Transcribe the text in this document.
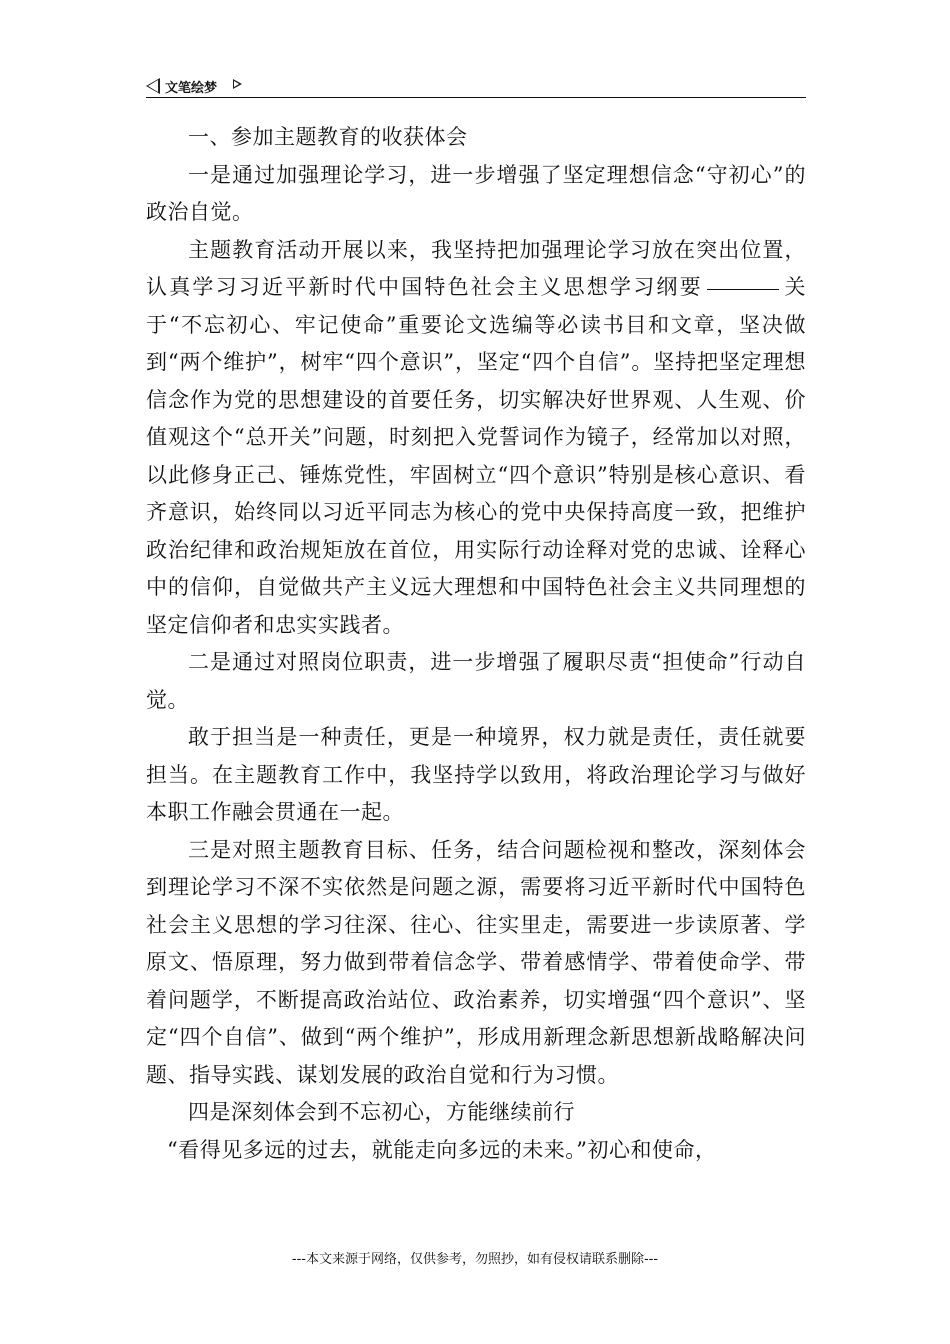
文笔绘梦

一、参加主题教育的收获体会

一是通过加强理论学习，进一步增强了坚定理想信念“守初心”的政治自觉。

主题教育活动开展以来，我坚持把加强理论学习放在突出位置，认真学习习近平新时代中国特色社会主义思想学习纲要	关于“不忘初心、牢记使命”重要论文选编等必读书目和文章，坚决做到“两个维护”，树牢“四个意识”，坚定“四个自信”。坚持把坚定理想信念作为党的思想建设的首要任务，切实解决好世界观、人生观、价值观这个“总开关”问题，时刻把入党誓词作为镜子，经常加以对照，以此修身正己、锤炼党性，牢固树立“四个意识”特别是核心意识、看齐意识，始终同以习近平同志为核心的党中央保持高度一致，把维护政治纪律和政治规矩放在首位，用实际行动诠释对党的忠诚、诠释心中的信仰，自觉做共产主义远大理想和中国特色社会主义共同理想的坚定信仰者和忠实实践者。

二是通过对照岗位职责，进一步增强了履职尽责“担使命”行动自觉。

敢于担当是一种责任，更是一种境界，权力就是责任，责任就要担当。在主题教育工作中，我坚持学以致用，将政治理论学习与做好本职工作融会贯通在一起。

三是对照主题教育目标、任务，结合问题检视和整改，深刻体会到理论学习不深不实依然是问题之源，需要将习近平新时代中国特色社会主义思想的学习往深、往心、往实里走，需要进一步读原著、学原文、悟原理，努力做到带着信念学、带着感情学、带着使命学、带着问题学，不断提高政治站位、政治素养，切实增强“四个意识”、坚定“四个自信”、做到“两个维护”，形成用新理念新思想新战略解决问题、指导实践、谋划发展的政治自觉和行为习惯。

四是深刻体会到不忘初心，方能继续前行

“看得见多远的过去，就能走向多远的未来。”初心和使命，

---本文来源于网络，仅供参考，勿照抄，如有侵权请联系删除---
